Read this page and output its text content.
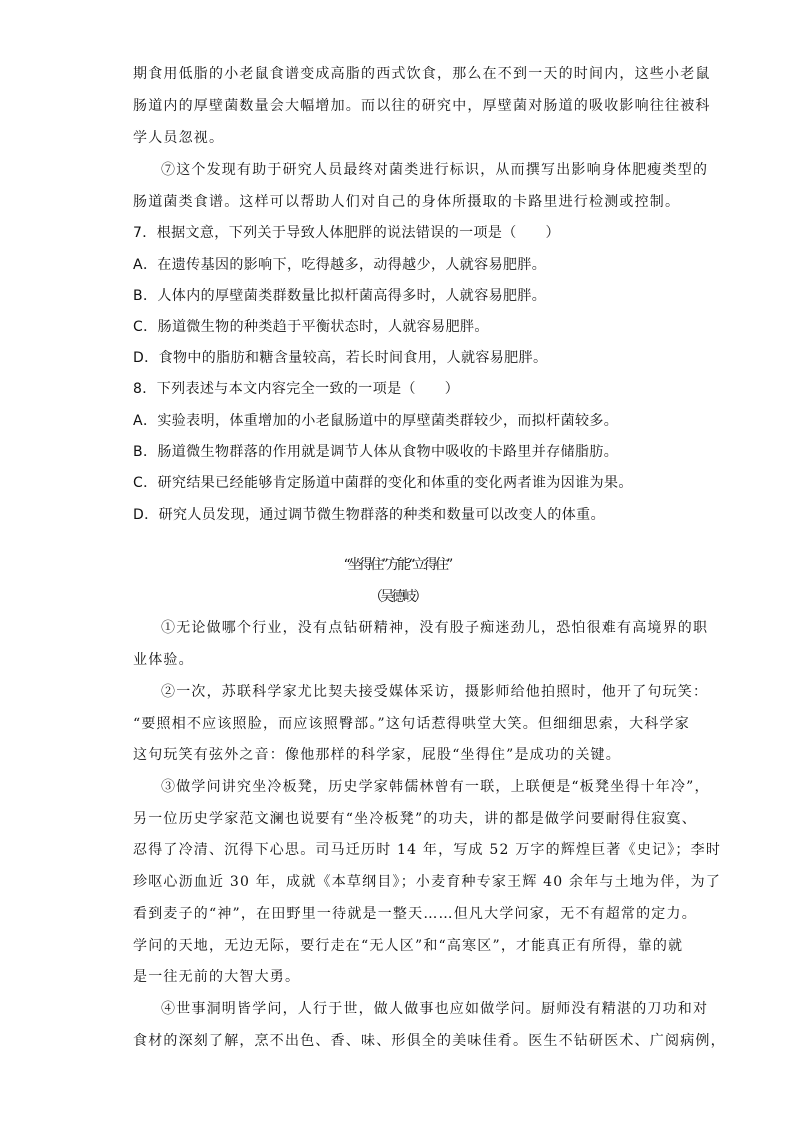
期食用低脂的小老鼠食谱变成高脂的西式饮食，那么在不到一天的时间内，这些小老鼠
肠道内的厚壁菌数量会大幅增加。而以往的研究中，厚壁菌对肠道的吸收影响往往被科
学人员忽视。
⑦这个发现有助于研究人员最终对菌类进行标识，从而撰写出影响身体肥瘦类型的
肠道菌类食谱。这样可以帮助人们对自己的身体所摄取的卡路里进行检测或控制。
7．根据文意，下列关于导致人体肥胖的说法错误的一项是（　　）
A．在遗传基因的影响下，吃得越多，动得越少，人就容易肥胖。
B．人体内的厚壁菌类群数量比拟杆菌高得多时，人就容易肥胖。
C．肠道微生物的种类趋于平衡状态时，人就容易肥胖。
D．食物中的脂肪和糖含量较高，若长时间食用，人就容易肥胖。
8．下列表述与本文内容完全一致的一项是（　　）
A．实验表明，体重增加的小老鼠肠道中的厚壁菌类群较少，而拟杆菌较多。
B．肠道微生物群落的作用就是调节人体从食物中吸收的卡路里并存储脂肪。
C．研究结果已经能够肯定肠道中菌群的变化和体重的变化两者谁为因谁为果。
D．研究人员发现，通过调节微生物群落的种类和数量可以改变人的体重。
“坐得住”方能“立得住”
（吴德岐）
①无论做哪个行业，没有点钻研精神，没有股子痴迷劲儿，恐怕很难有高境界的职
业体验。
②一次，苏联科学家尤比契夫接受媒体采访，摄影师给他拍照时，他开了句玩笑：
“要照相不应该照脸，而应该照臀部。”这句话惹得哄堂大笑。但细细思索，大科学家
这句玩笑有弦外之音：像他那样的科学家，屁股“坐得住”是成功的关键。
③做学问讲究坐冷板凳，历史学家韩儒林曾有一联，上联便是“板凳坐得十年冷”，
另一位历史学家范文澜也说要有“坐冷板凳”的功夫，讲的都是做学问要耐得住寂寞、
忍得了冷清、沉得下心思。司马迁历时 14 年，写成 52 万字的辉煌巨著《史记》；李时
珍呕心沥血近 30 年，成就《本草纲目》；小麦育种专家王辉 40 余年与土地为伴，为了
看到麦子的“神”，在田野里一待就是一整天……但凡大学问家，无不有超常的定力。
学问的天地，无边无际，要行走在“无人区”和“高寒区”，才能真正有所得，靠的就
是一往无前的大智大勇。
④世事洞明皆学问，人行于世，做人做事也应如做学问。厨师没有精湛的刀功和对
食材的深刻了解，烹不出色、香、味、形俱全的美味佳肴。医生不钻研医术、广阅病例，
